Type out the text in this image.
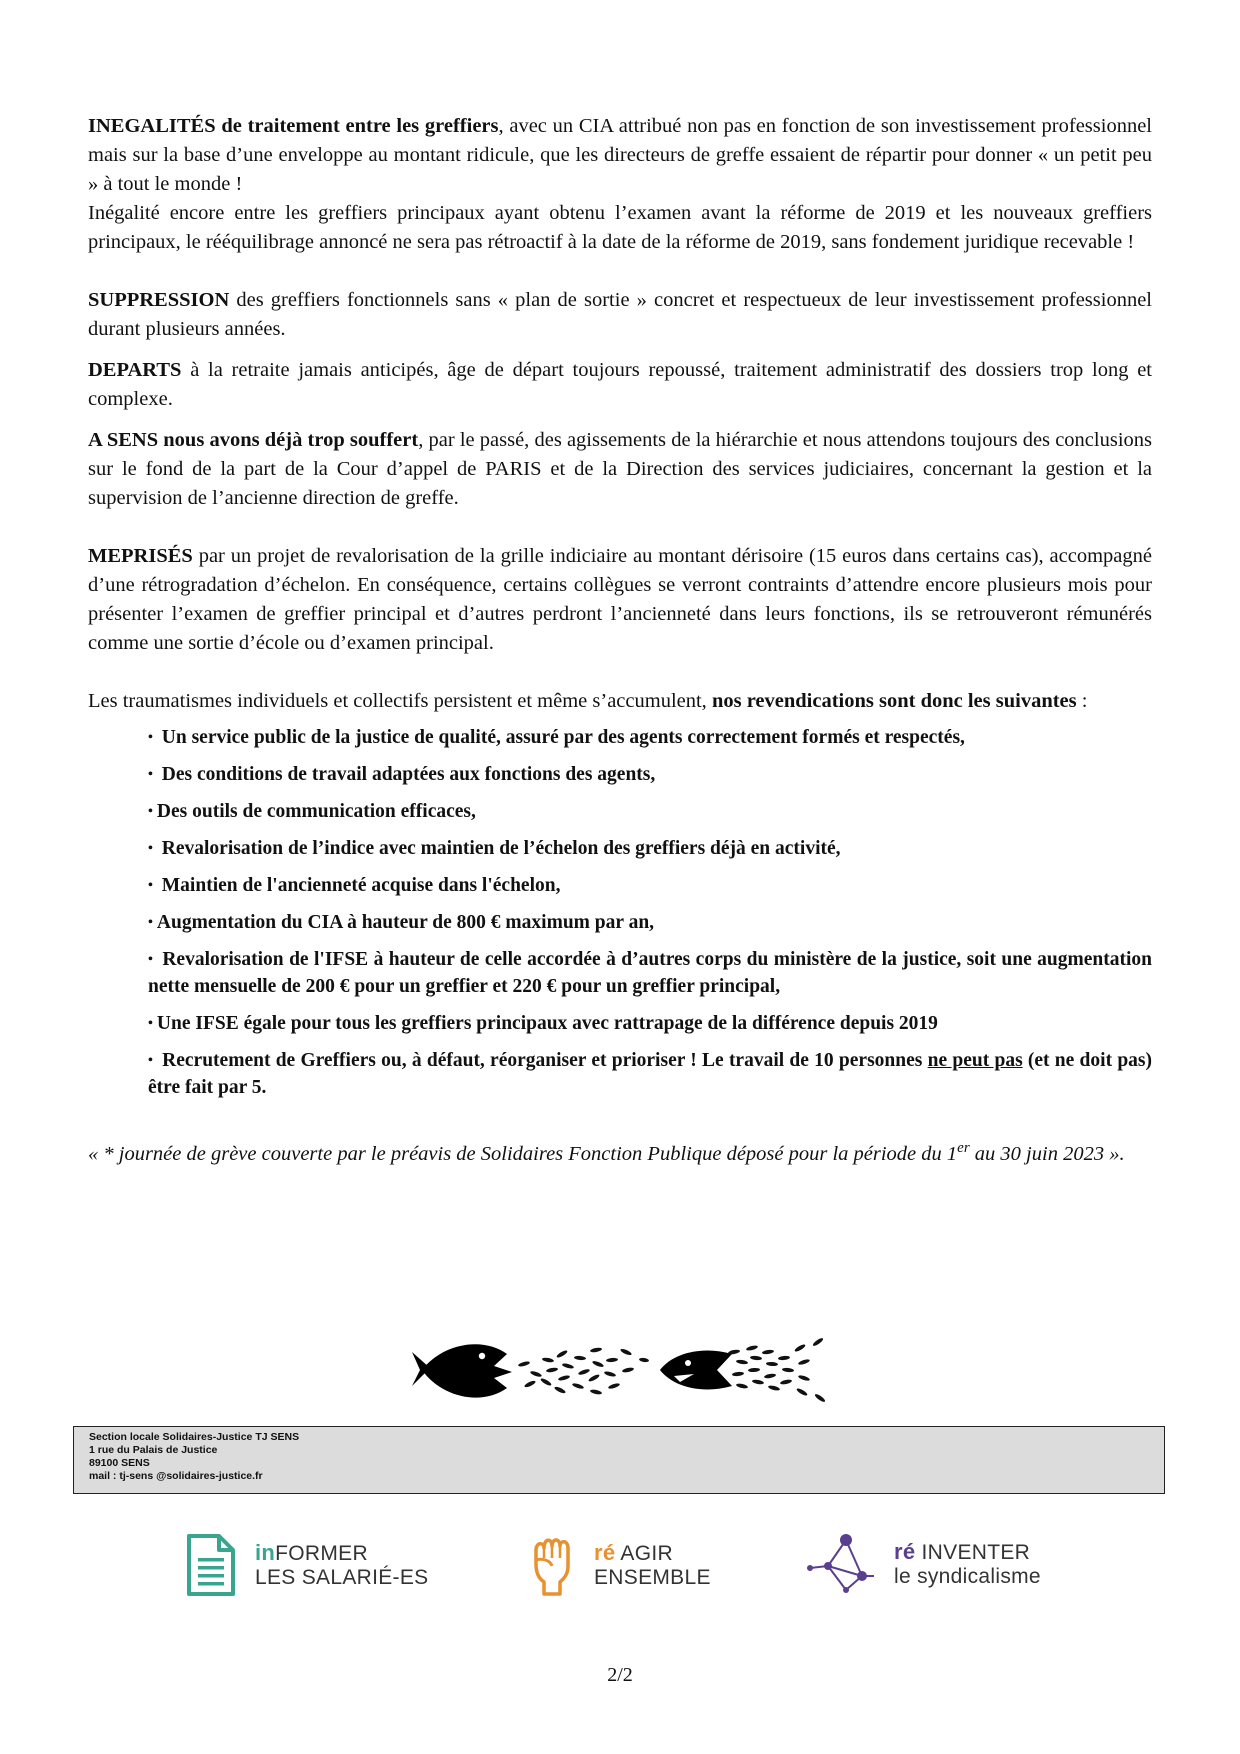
INEGALITÉS de traitement entre les greffiers, avec un CIA attribué non pas en fonction de son investissement professionnel mais sur la base d’une enveloppe au montant ridicule, que les directeurs de greffe essaient de répartir pour donner « un petit peu » à tout le monde !

Inégalité encore entre les greffiers principaux ayant obtenu l’examen avant la réforme de 2019 et les nouveaux greffiers principaux, le rééquilibrage annoncé ne sera pas rétroactif à la date de la réforme de 2019, sans fondement juridique recevable !

SUPPRESSION des greffiers fonctionnels sans « plan de sortie » concret et respectueux de leur investissement professionnel durant plusieurs années.

DEPARTS à la retraite jamais anticipés, âge de départ toujours repoussé, traitement administratif des dossiers trop long et complexe.

A SENS nous avons déjà trop souffert, par le passé, des agissements de la hiérarchie et nous attendons toujours des conclusions sur le fond de la part de la Cour d’appel de PARIS et de la Direction des services judiciaires, concernant la gestion et la supervision de l’ancienne direction de greffe.

MEPRISÉS par un projet de revalorisation de la grille indiciaire au montant dérisoire (15 euros dans certains cas), accompagné d’une rétrogradation d’échelon. En conséquence, certains collègues se verront contraints d’attendre encore plusieurs mois pour présenter l’examen de greffier principal et d’autres perdront l’ancienneté dans leurs fonctions, ils se retrouveront rémunérés comme une sortie d’école ou d’examen principal.

Les traumatismes individuels et collectifs persistent et même s’accumulent, nos revendications sont donc les suivantes :

• Un service public de la justice de qualité, assuré par des agents correctement formés et respectés,
• Des conditions de travail adaptées aux fonctions des agents,
• Des outils de communication efficaces,
• Revalorisation de l’indice avec maintien de l’échelon des greffiers déjà en activité,
• Maintien de l'ancienneté acquise dans l'échelon,
• Augmentation du CIA à hauteur de 800 € maximum par an,
• Revalorisation de l'IFSE à hauteur de celle accordée à d’autres corps du ministère de la justice, soit une augmentation nette mensuelle de 200 € pour un greffier et 220 € pour un greffier principal,
• Une IFSE égale pour tous les greffiers principaux avec rattrapage de la différence depuis 2019
• Recrutement de Greffiers ou, à défaut, réorganiser et prioriser ! Le travail de 10 personnes ne peut pas (et ne doit pas) être fait par 5.

« * journée de grève couverte par le préavis de Solidaires Fonction Publique déposé pour la période du 1er au 30 juin 2023 ».

Section locale Solidaires-Justice TJ SENS
1 rue du Palais de Justice
89100 SENS
mail : tj-sens @solidaires-justice.fr
inFORMER
LES SALARIÉ-ES
ré AGIR
ENSEMBLE
ré INVENTER
le syndicalisme
2/2
